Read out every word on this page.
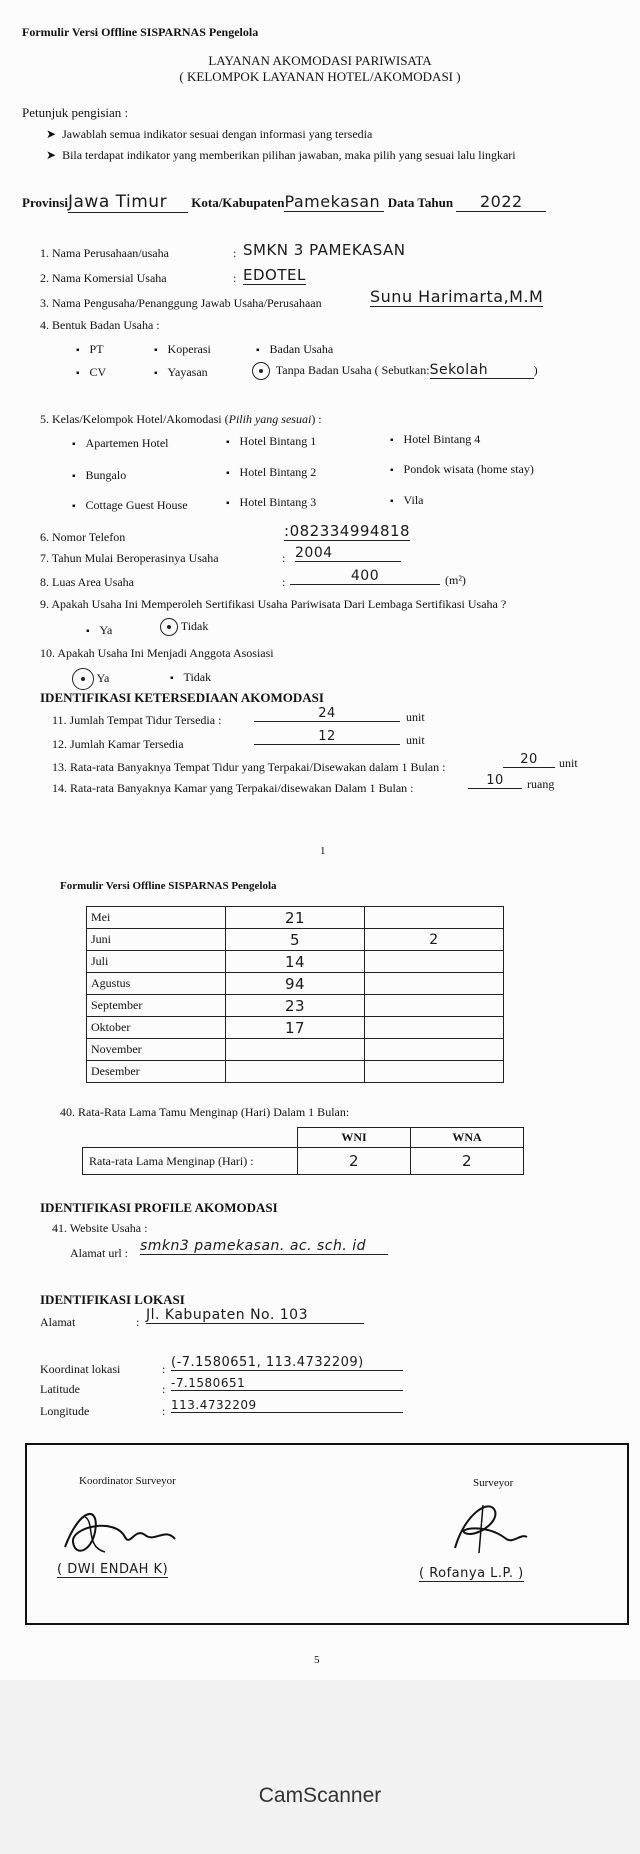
Formulir Versi Offline SISPARNAS Pengelola
LAYANAN AKOMODASI PARIWISATA
( KELOMPOK LAYANAN HOTEL/AKOMODASI )
Petunjuk pengisian :
➤  Jawablah semua indikator sesuai dengan informasi yang tersedia
➤  Bila terdapat indikator yang memberikan pilihan jawaban, maka pilih yang sesuai lalu lingkari
ProvinsiJawa Timur Kota/KabupatenPamekasan Data Tahun 2022
1. Nama Perusahaan/usaha	: SMKN 3 PAMEKASAN
2. Nama Komersial Usaha	: EDOTEL
3. Nama Pengusaha/Penanggung Jawab Usaha/Perusahaan	Sunu Harimarta,M.M
4. Bentuk Badan Usaha :
▪ PT	▪ Koperasi	▪ Badan Usaha
▪ CV	▪ Yayasan	Tanpa Badan Usaha ( Sebutkan:Sekolah	)
5. Kelas/Kelompok Hotel/Akomodasi (Pilih yang sesuai) :
▪ Apartemen Hotel	▪ Hotel Bintang 1	▪ Hotel Bintang 4
▪ Bungalo	▪ Hotel Bintang 2	▪ Pondok wisata (home stay)
▪ Cottage Guest House	▪ Hotel Bintang 3	▪ Vila
6. Nomor Telefon	:082334994818
7. Tahun Mulai Beroperasinya Usaha	: 2004
8. Luas Area Usaha	:	400	(m²)
9. Apakah Usaha Ini Memperoleh Sertifikasi Usaha Pariwisata Dari Lembaga Sertifikasi Usaha ?
▪ Ya	Tidak
10. Apakah Usaha Ini Menjadi Anggota Asosiasi
Ya	▪ Tidak
IDENTIFIKASI KETERSEDIAAN AKOMODASI
11. Jumlah Tempat Tidur Tersedia :	24	unit
12. Jumlah Kamar Tersedia	12	unit
13. Rata-rata Banyaknya Tempat Tidur yang Terpakai/Disewakan dalam 1 Bulan :	20	unit
14. Rata-rata Banyaknya Kamar yang Terpakai/disewakan Dalam 1 Bulan :	10	ruang
1
Formulir Versi Offline SISPARNAS Pengelola
Mei	21	
Juni	5	2
Juli	14	
Agustus	94	
September	23	
Oktober	17	
November		
Desember		
40. Rata-Rata Lama Tamu Menginap (Hari) Dalam 1 Bulan:
	WNI	WNA
Rata-rata Lama Menginap (Hari) :	2	2
IDENTIFIKASI PROFILE AKOMODASI
41. Website Usaha :
Alamat url : smkn3 pamekasan. ac. sch. id
IDENTIFIKASI LOKASI
Alamat	: Jl. Kabupaten No. 103
Koordinat lokasi	: (-7.1580651, 113.4732209)
Latitude	: -7.1580651
Longitude	: 113.4732209
Koordinator Surveyor
( DWI ENDAH K)
Surveyor
( Rofanya L.P. )
5
CamScanner
